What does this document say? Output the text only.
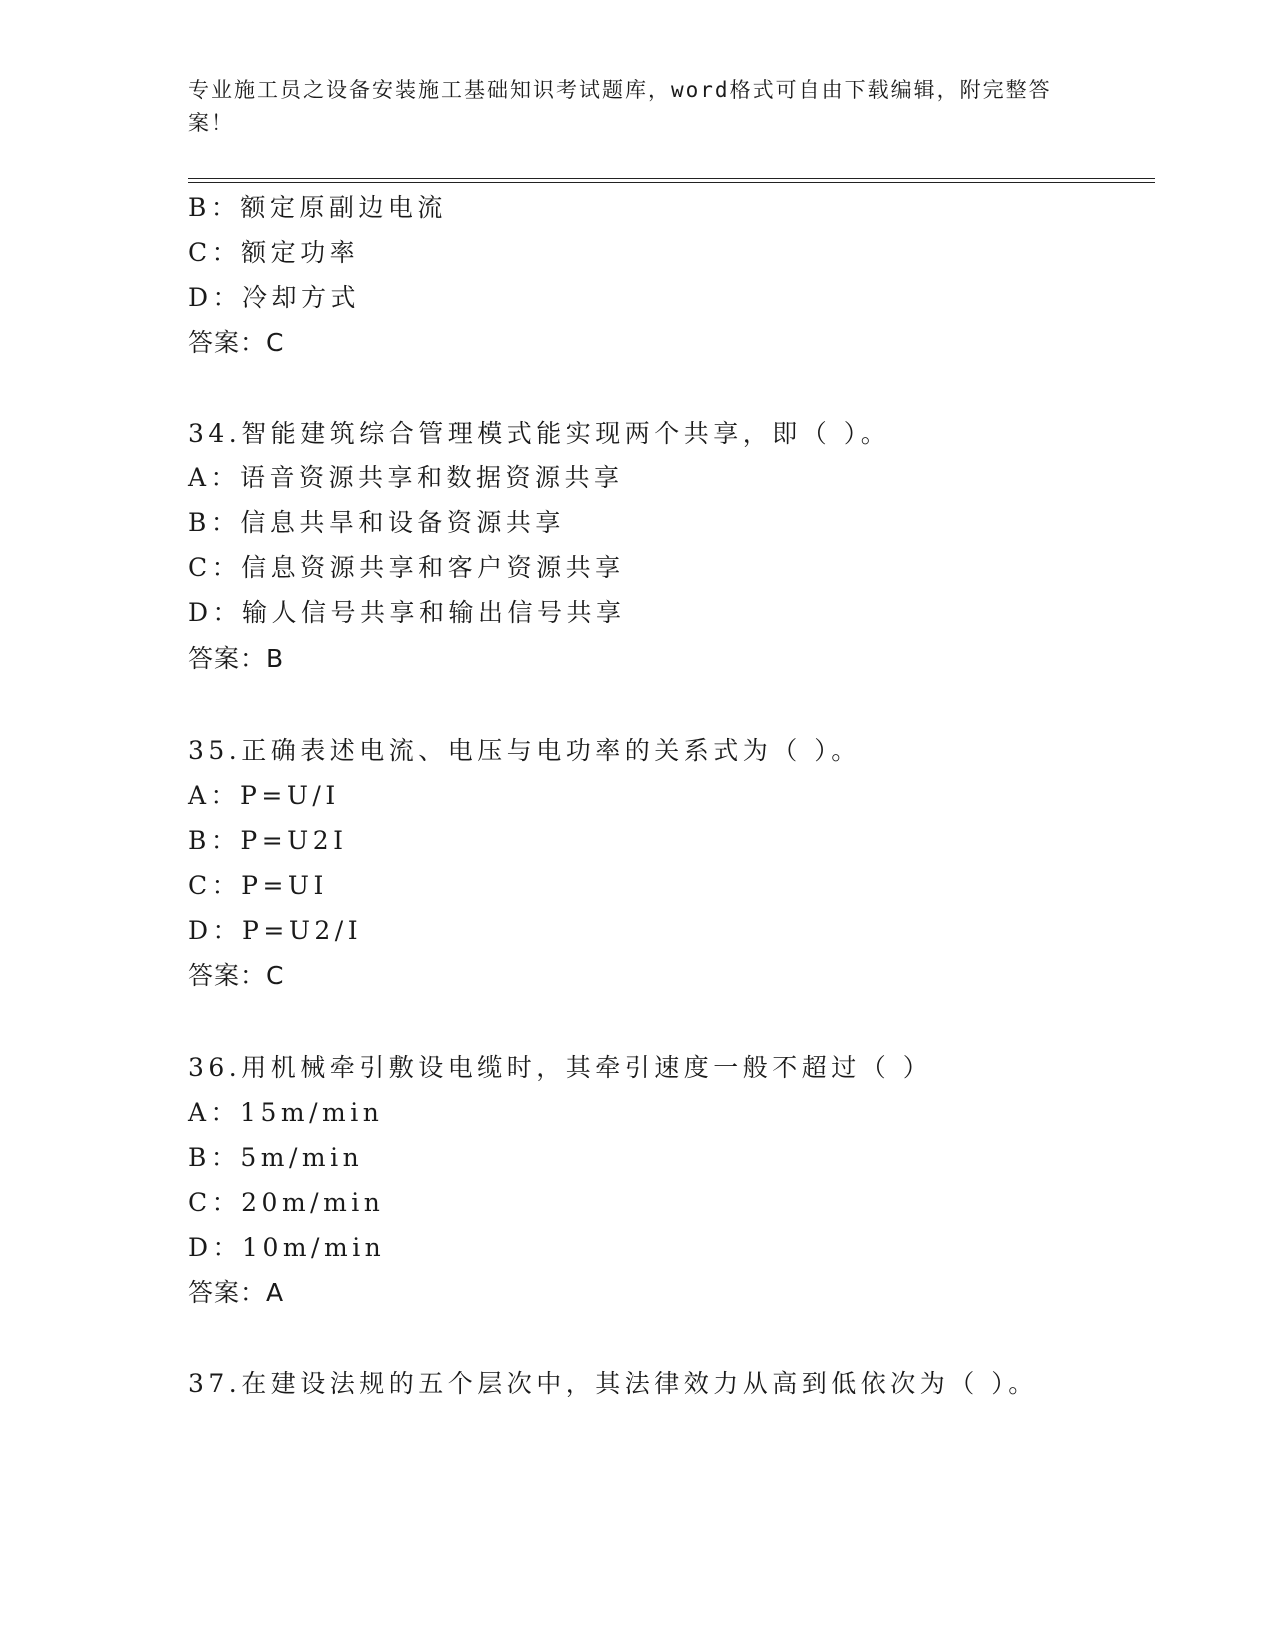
专业施工员之设备安装施工基础知识考试题库，word格式可自由下载编辑，附完整答案！
B：额定原副边电流
C：额定功率
D：冷却方式
答案：C
34.智能建筑综合管理模式能实现两个共享，即（ ）。
A：语音资源共享和数据资源共享
B：信息共旱和设备资源共享
C：信息资源共享和客户资源共享
D：输人信号共享和输出信号共享
答案：B
35.正确表述电流、电压与电功率的关系式为（ ）。
A：P=U/I
B：P=U2I
C：P=UI
D：P=U2/I
答案：C
36.用机械牵引敷设电缆时，其牵引速度一般不超过（ ）
A：15m/min
B：5m/min
C：20m/min
D：10m/min
答案：A
37.在建设法规的五个层次中，其法律效力从高到低依次为（ ）。
